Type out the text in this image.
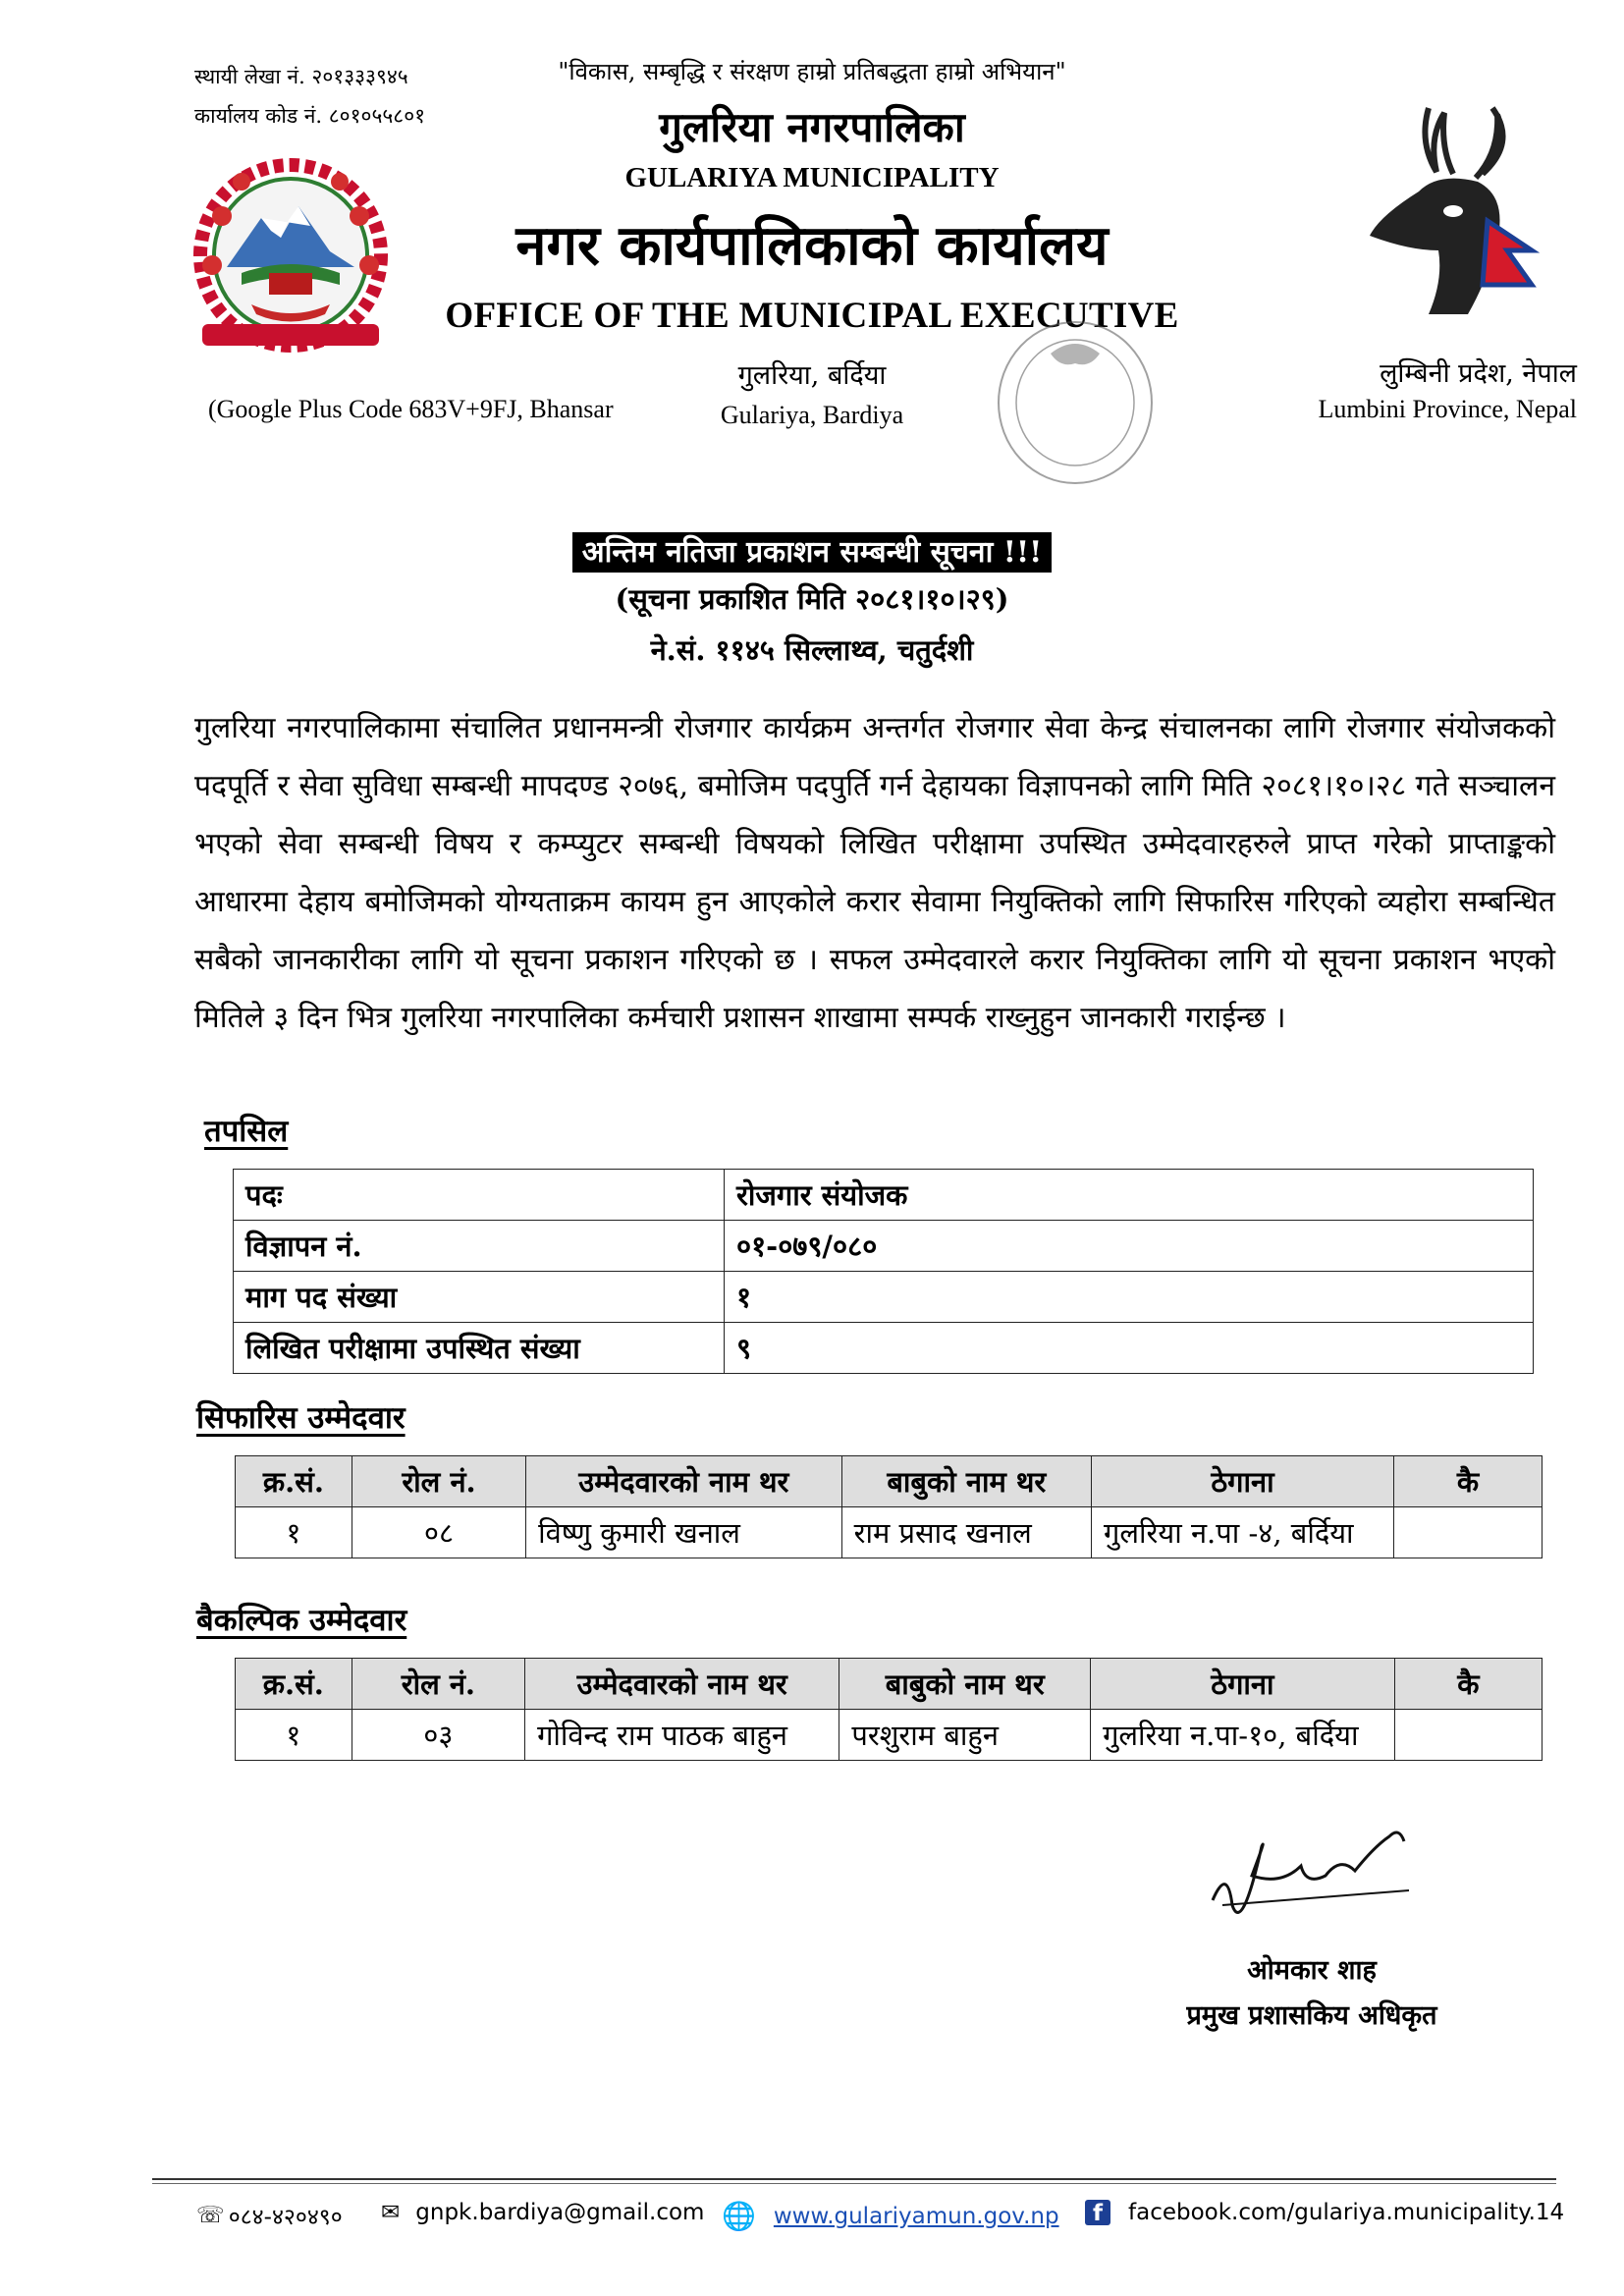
स्थायी लेखा नं. २०१३३३९४५
कार्यालय कोड नं. ८०१०५५८०१
"विकास, सम्बृद्धि र संरक्षण हाम्रो प्रतिबद्धता हाम्रो अभियान"
गुलरिया नगरपालिका
GULARIYA MUNICIPALITY
नगर कार्यपालिकाको कार्यालय
OFFICE OF THE MUNICIPAL EXECUTIVE
गुलरिया, बर्दिया
Gulariya, Bardiya
(Google Plus Code 683V+9FJ, Bhansar
लुम्बिनी प्रदेश, नेपाल
Lumbini Province, Nepal
अन्तिम नतिजा प्रकाशन सम्बन्धी सूचना !!!
(सूचना प्रकाशित मिति २०८१।१०।२९)
ने.सं. ११४५ सिल्लाथ्व, चतुर्दशी
गुलरिया नगरपालिकामा संचालित प्रधानमन्त्री रोजगार कार्यक्रम अन्तर्गत रोजगार सेवा केन्द्र संचालनका लागि रोजगार संयोजकको पदपूर्ति र सेवा सुविधा सम्बन्धी मापदण्ड २०७६, बमोजिम पदपुर्ति गर्न देहायका विज्ञापनको लागि मिति २०८१।१०।२८ गते सञ्चालन भएको सेवा सम्बन्धी विषय र कम्प्युटर सम्बन्धी विषयको लिखित परीक्षामा उपस्थित उम्मेदवारहरुले प्राप्त गरेको प्राप्ताङ्कको आधारमा देहाय बमोजिमको योग्यताक्रम कायम हुन आएकोले करार सेवामा नियुक्तिको लागि सिफारिस गरिएको व्यहोरा सम्बन्धित सबैको जानकारीका लागि यो सूचना प्रकाशन गरिएको छ । सफल उम्मेदवारले करार नियुक्तिका लागि यो सूचना प्रकाशन भएको मितिले ३ दिन भित्र गुलरिया नगरपालिका कर्मचारी प्रशासन शाखामा सम्पर्क राख्नुहुन जानकारी गराईन्छ ।
तपसिल
पदः	रोजगार संयोजक
विज्ञापन नं.	०१-०७९/०८०
माग पद संख्या	१
लिखित परीक्षामा उपस्थित संख्या	९
सिफारिस उम्मेदवार
क्र.सं.	रोल नं.	उम्मेदवारको नाम थर	बाबुको नाम थर	ठेगाना	कै
१	०८	विष्णु कुमारी खनाल	राम प्रसाद खनाल	गुलरिया न.पा -४, बर्दिया	
बैकल्पिक उम्मेदवार
क्र.सं.	रोल नं.	उम्मेदवारको नाम थर	बाबुको नाम थर	ठेगाना	कै
१	०३	गोविन्द राम पाठक बाहुन	परशुराम बाहुन	गुलरिया न.पा-१०, बर्दिया	
ओमकार शाह
प्रमुख प्रशासकिय अधिकृत
☏ ०८४-४२०४९० ✉ gnpk.bardiya@gmail.com 🌐 www.gulariyamun.gov.np	f	facebook.com/gulariya.municipality.14
